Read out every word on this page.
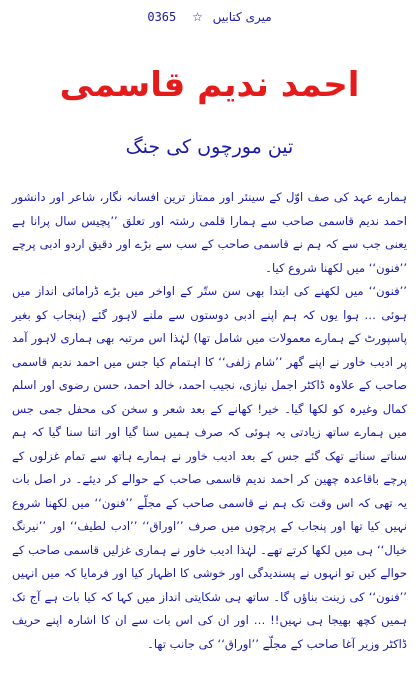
0365 ☆ میری کتابیں
احمد ندیم قاسمی
تین مورچوں کی جنگ

ہمارے عہد کی صف اوّل کے سینئر اور ممتاز ترین افسانہ نگار، شاعر اور دانشور احمد ندیم قاسمی صاحب سے ہمارا قلمی رشتہ اور تعلق ’’پچیس سال پرانا ہے یعنی جب سے کہ ہم نے قاسمی صاحب کے سب سے بڑے اور دقیق اردو ادبی پرچے ’’فنون‘‘ میں لکھنا شروع کیا۔

’’فنون‘‘ میں لکھنے کی ابتدا بھی سن ستّر کے اواخر میں بڑے ڈرامائی انداز میں ہوئی … ہوا یوں کہ ہم اپنے ادبی دوستوں سے ملنے لاہور گئے (پنجاب کو بغیر پاسپورٹ کے ہمارے معمولات میں شامل تھا) لہٰذا اس مرتبہ بھی ہماری لاہور آمد پر ادیب خاور نے اپنے گھر ’’شام زلفی‘‘ کا اہتمام کیا جس میں احمد ندیم قاسمی صاحب کے علاوہ ڈاکٹر اجمل نیازی، نجیب احمد، خالد احمد، حسن رضوی اور اسلم کمال وغیرہ کو لکھا گیا۔ خیر! کھانے کے بعد شعر و سخن کی محفل جمی جس میں ہمارے ساتھ زیادتی یہ ہوئی کہ صرف ہمیں سنا گیا اور اتنا سنا گیا کہ ہم سناتے سناتے تھک گئے جس کے بعد ادیب خاور نے ہمارے ہاتھ سے تمام غزلوں کے پرچے باقاعدہ چھین کر احمد ندیم قاسمی صاحب کے حوالے کر دیئے۔ در اصل بات یہ تھی کہ اس وقت تک ہم نے قاسمی صاحب کے مجلّے ’’فنون‘‘ میں لکھنا شروع نہیں کیا تھا اور پنجاب کے پرچوں میں صرف ’’اوراق‘‘ ’’ادب لطیف‘‘ اور ’’نیرنگ خیال‘‘ ہی میں لکھا کرتے تھے۔ لہٰذا ادیب خاور نے ہماری غزلیں قاسمی صاحب کے حوالے کیں تو انہوں نے پسندیدگی اور خوشی کا اظہار کیا اور فرمایا کہ میں انہیں ’’فنون‘‘ کی زینت بناؤں گا۔ ساتھ ہی شکایتی انداز میں کہا کہ کیا بات ہے آج تک ہمیں کچھ بھیجا ہی نہیں!! … اور ان کی اس بات سے ان کا اشارہ اپنے حریف ڈاکٹر وزیر آغا صاحب کے مجلّے ’’اوراق‘‘ کی جانب تھا۔
